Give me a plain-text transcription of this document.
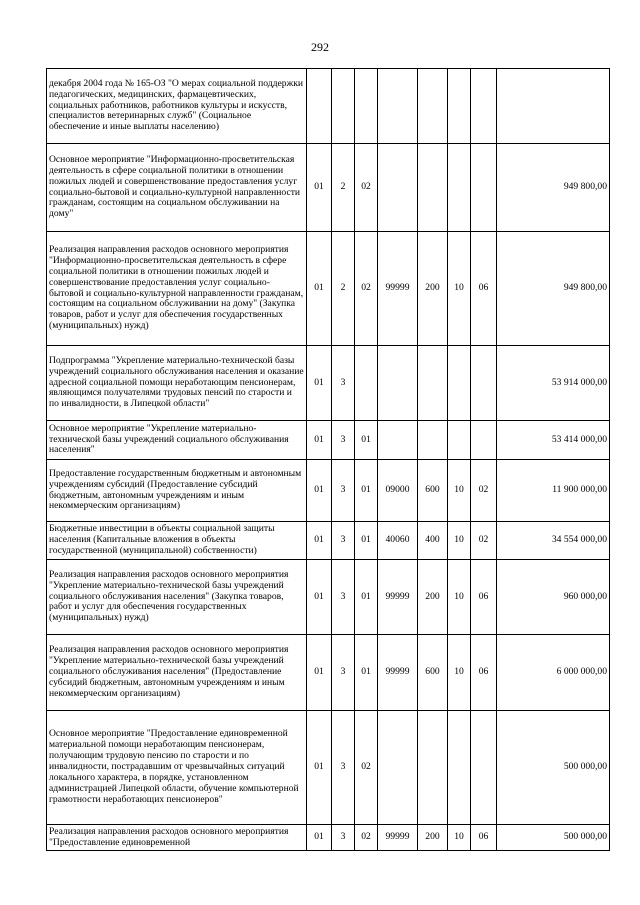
292
декабря 2004 года № 165-ОЗ "О мерах социальной поддержки педагогических, медицинских, фармацевтических, социальных работников, работников культуры и искусств, специалистов ветеринарных служб" (Социальное обеспечение и иные выплаты населению)								
Основное мероприятие "Информационно-просветительская деятельность в сфере социальной политики в отношении пожилых людей и совершенствование предоставления услуг социально-бытовой и социально-культурной направленности гражданам, состоящим на социальном обслуживании на дому"	01	2	02					949 800,00
Реализация направления расходов основного мероприятия "Информационно-просветительская деятельность в сфере социальной политики в отношении пожилых людей и совершенствование предоставления услуг социально-бытовой и социально-культурной направленности гражданам, состоящим на социальном обслуживании на дому" (Закупка товаров, работ и услуг для обеспечения государственных (муниципальных) нужд)	01	2	02	99999	200	10	06	949 800,00
Подпрограмма "Укрепление материально-технической базы учреждений социального обслуживания населения и оказание адресной социальной помощи неработающим пенсионерам, являющимся получателями трудовых пенсий по старости и по инвалидности, в Липецкой области"	01	3						53 914 000,00
Основное мероприятие "Укрепление материально-технической базы учреждений социального обслуживания населения"	01	3	01					53 414 000,00
Предоставление государственным бюджетным и автономным учреждениям субсидий (Предоставление субсидий бюджетным, автономным учреждениям и иным некоммерческим организациям)	01	3	01	09000	600	10	02	11 900 000,00
Бюджетные инвестиции в объекты социальной защиты населения (Капитальные вложения в объекты государственной (муниципальной) собственности)	01	3	01	40060	400	10	02	34 554 000,00
Реализация направления расходов основного мероприятия "Укрепление материально-технической базы учреждений социального обслуживания населения" (Закупка товаров, работ и услуг для обеспечения государственных (муниципальных) нужд)	01	3	01	99999	200	10	06	960 000,00
Реализация направления расходов основного мероприятия "Укрепление материально-технической базы учреждений социального обслуживания населения" (Предоставление субсидий бюджетным, автономным учреждениям и иным некоммерческим организациям)	01	3	01	99999	600	10	06	6 000 000,00
Основное мероприятие "Предоставление единовременной материальной помощи неработающим пенсионерам, получающим трудовую пенсию по старости и по инвалидности, пострадавшим от чрезвычайных ситуаций локального характера, в порядке, установленном администрацией Липецкой области, обучение компьютерной грамотности неработающих пенсионеров"	01	3	02					500 000,00
Реализация направления расходов основного мероприятия "Предоставление единовременной	01	3	02	99999	200	10	06	500 000,00
